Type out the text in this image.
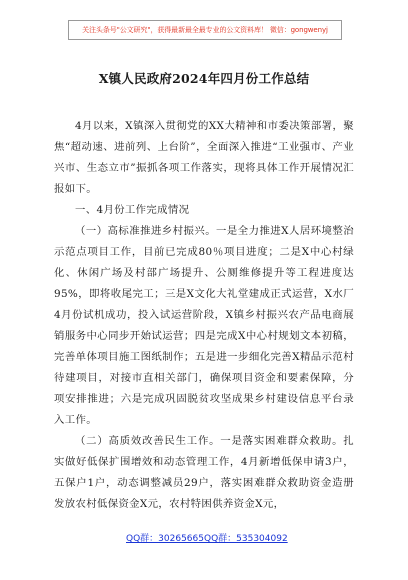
关注头条号"公文研究"，获得最新最全最专业的公文资料库！ 微信：gongwenyj
X镇人民政府2024年四月份工作总结

4月以来，X镇深入贯彻党的XX大精神和市委决策部署，聚焦“超动速、进前列、上台阶”，全面深入推进“工业强市、产业兴市、生态立市”振抓各项工作落实，现将具体工作开展情况汇报如下。

一、4月份工作完成情况

（一）高标准推进乡村振兴。一是全力推进X人居环境整治示范点项目工作，目前已完成80％项目进度；二是X中心村绿化、休闲广场及村部广场提升、公厕维修提升等工程进度达95%，即将收尾完工；三是X文化大礼堂建成正式运营，X水厂4月份试机成功，投入试运营阶段，X镇乡村振兴农产品电商展销服务中心同步开始试运营；四是完成X中心村规划文本初稿，完善单体项目施工图纸制作；五是进一步细化完善X精品示范村待建项目，对接市直相关部门，确保项目资金和要素保障，分项安排推进；六是完成巩固脱贫攻坚成果乡村建设信息平台录入工作。

（二）高质效改善民生工作。一是落实困难群众救助。扎实做好低保扩围增效和动态管理工作，4月新增低保申请3户，五保户1户，动态调整减员29户，落实困难群众救助资金造册发放农村低保资金X元，农村特困供养资金X元，

QQ群：30265665 QQ群：535304092
